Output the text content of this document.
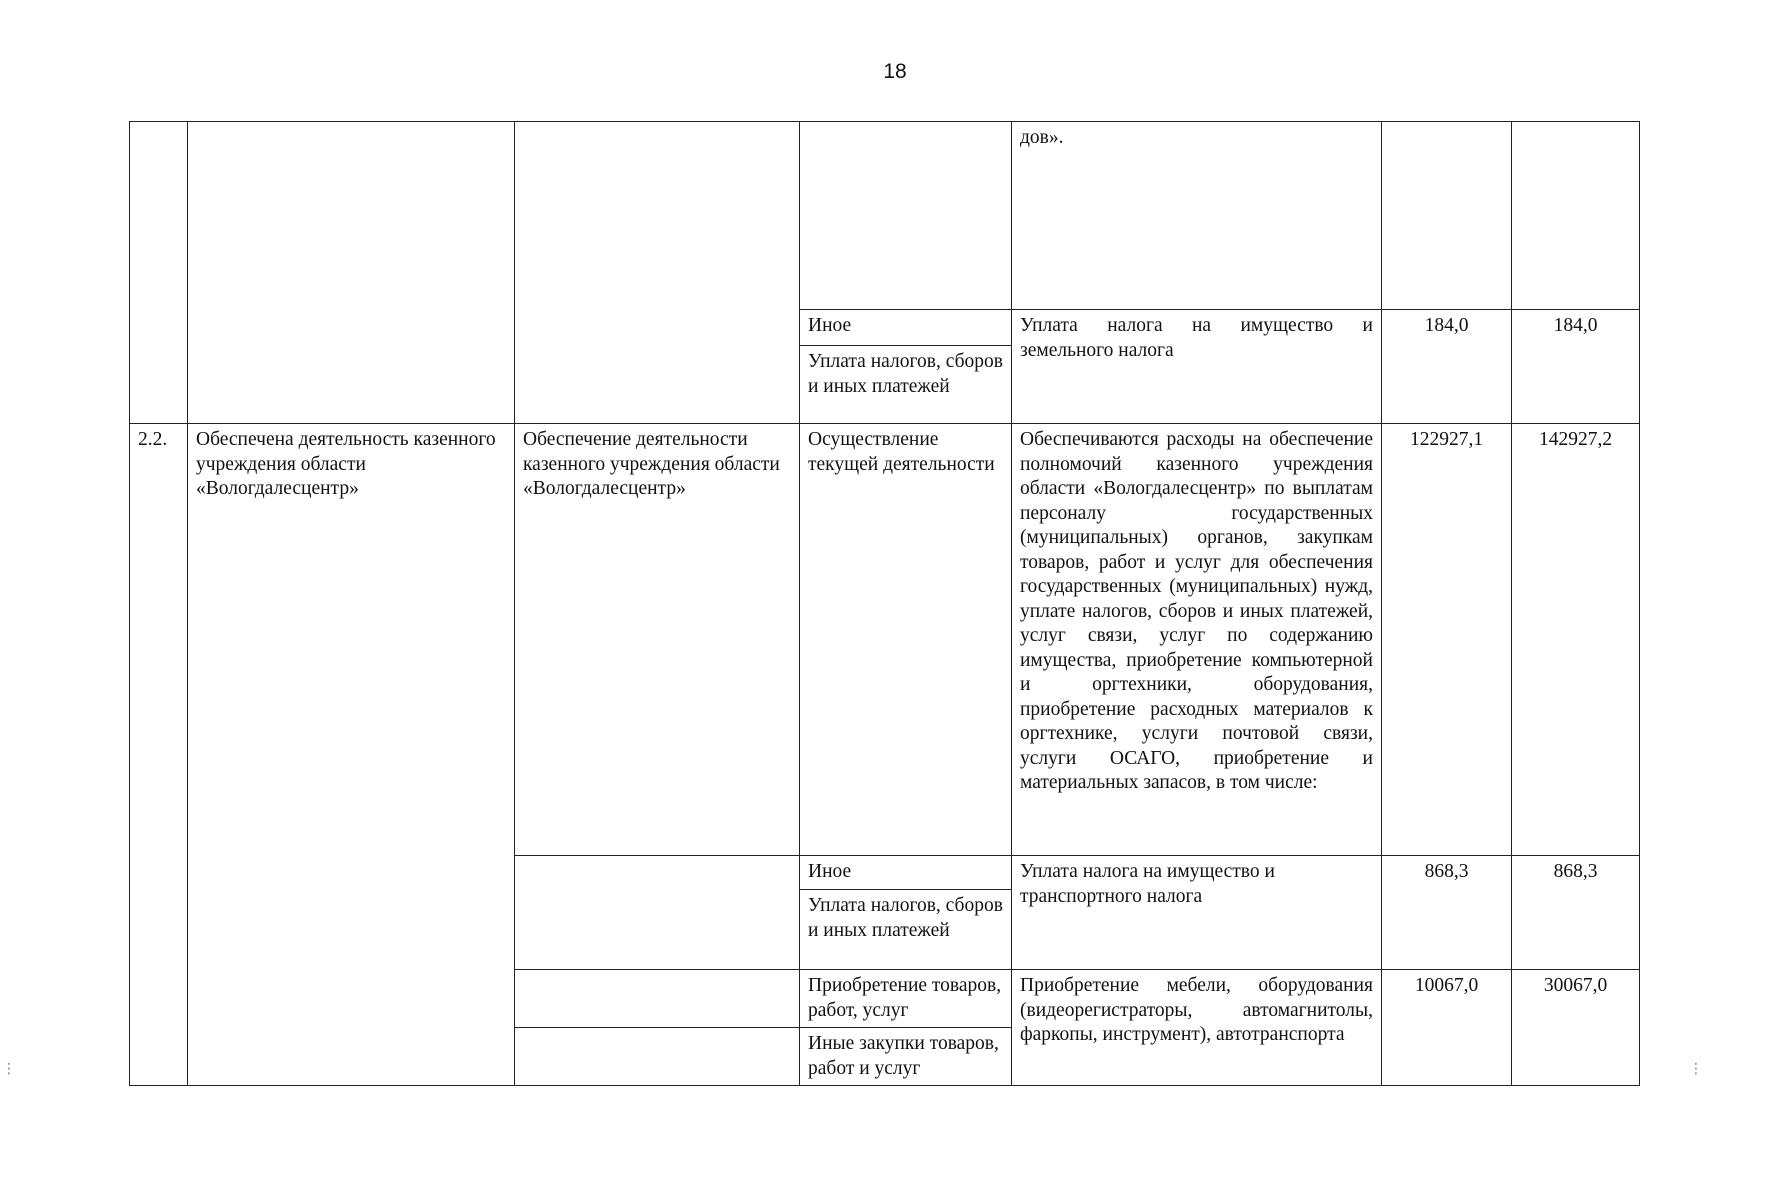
18
				дов».		
			Иное	Уплата налога на имущество и земельного налога	184,0	184,0
			Уплата налогов, сборов и иных платежей			
2.2.	Обеспечена деятельность казенного учреждения области «Вологдалесцентр»	Обеспечение деятельности казенного учреждения области «Вологдалесцентр»	Осуществление текущей деятельности	Обеспечиваются расходы на обеспечение полномочий казенного учреждения области «Вологдалесцентр» по выплатам персоналу государственных (муниципальных) органов, закупкам товаров, работ и услуг для обеспечения государственных (муниципальных) нужд, уплате налогов, сборов и иных платежей, услуг связи, услуг по содержанию имущества, приобретение компьютерной и оргтехники, оборудования, приобретение расходных материалов к оргтехнике, услуги почтовой связи, услуги ОСАГО, приобретение и материальных запасов, в том числе:	122927,1	142927,2
			Иное	Уплата налога на имущество и транспортного налога	868,3	868,3
			Уплата налогов, сборов и иных платежей			
			Приобретение товаров, работ, услуг	Приобретение мебели, оборудования (видеорегистраторы, автомагнитолы, фаркопы, инструмент), автотранспорта	10067,0	30067,0
			Иные закупки товаров, работ и услуг			
⋮	⋮
